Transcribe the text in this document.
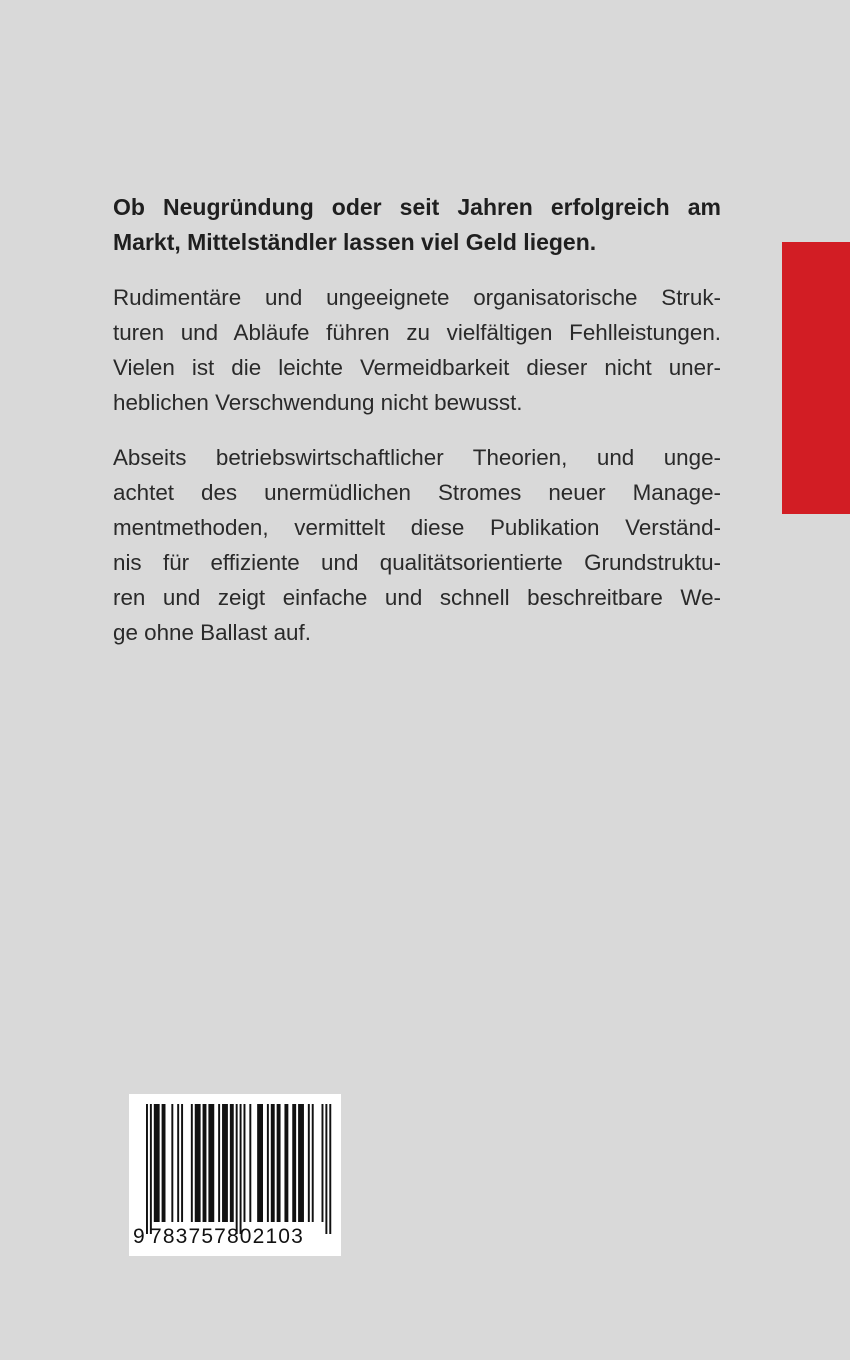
Ob Neugründung oder seit Jahren erfolgreich am
Markt, Mittelständler lassen viel Geld liegen.

Rudimentäre und ungeeignete organisatorische Struk-
turen und Abläufe führen zu vielfältigen Fehlleistungen.
Vielen ist die leichte Vermeidbarkeit dieser nicht uner-
heblichen Verschwendung nicht bewusst.

Abseits betriebswirtschaftlicher Theorien, und unge-
achtet des unermüdlichen Stromes neuer Manage-
mentmethoden, vermittelt diese Publikation Verständ-
nis für effiziente und qualitätsorientierte Grundstruktu-
ren und zeigt einfache und schnell beschreitbare We-
ge ohne Ballast auf.

9 783757802103
